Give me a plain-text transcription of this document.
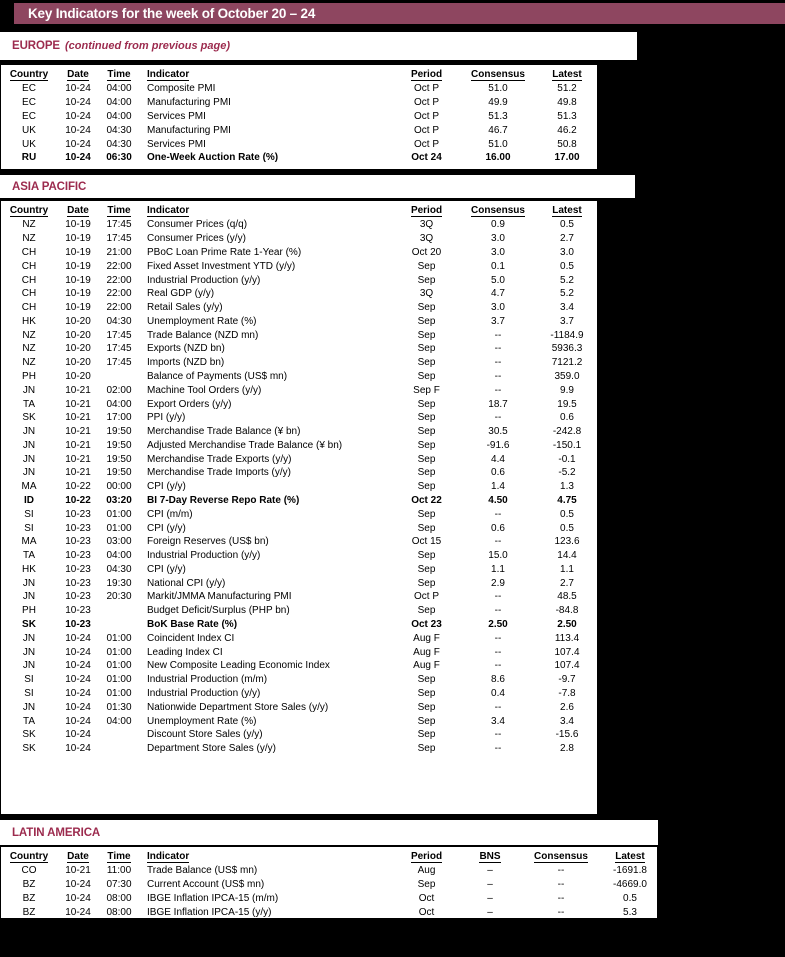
Key Indicators for the week of October 20 – 24
EUROPE (continued from previous page)
Country	Date	Time	Indicator	Period	Consensus	Latest
EC	10-24	04:00	Composite PMI	Oct P	51.0	51.2
EC	10-24	04:00	Manufacturing PMI	Oct P	49.9	49.8
EC	10-24	04:00	Services PMI	Oct P	51.3	51.3
UK	10-24	04:30	Manufacturing PMI	Oct P	46.7	46.2
UK	10-24	04:30	Services PMI	Oct P	51.0	50.8
RU	10-24	06:30	One-Week Auction Rate (%)	Oct 24	16.00	17.00
ASIA PACIFIC
Country	Date	Time	Indicator	Period	Consensus	Latest
NZ	10-19	17:45	Consumer Prices (q/q)	3Q	0.9	0.5
NZ	10-19	17:45	Consumer Prices (y/y)	3Q	3.0	2.7
CH	10-19	21:00	PBoC Loan Prime Rate 1-Year (%)	Oct 20	3.0	3.0
CH	10-19	22:00	Fixed Asset Investment YTD (y/y)	Sep	0.1	0.5
CH	10-19	22:00	Industrial Production (y/y)	Sep	5.0	5.2
CH	10-19	22:00	Real GDP (y/y)	3Q	4.7	5.2
CH	10-19	22:00	Retail Sales (y/y)	Sep	3.0	3.4
HK	10-20	04:30	Unemployment Rate (%)	Sep	3.7	3.7
NZ	10-20	17:45	Trade Balance (NZD mn)	Sep	--	-1184.9
NZ	10-20	17:45	Exports (NZD bn)	Sep	--	5936.3
NZ	10-20	17:45	Imports (NZD bn)	Sep	--	7121.2
PH	10-20		Balance of Payments (US$ mn)	Sep	--	359.0
JN	10-21	02:00	Machine Tool Orders (y/y)	Sep F	--	9.9
TA	10-21	04:00	Export Orders (y/y)	Sep	18.7	19.5
SK	10-21	17:00	PPI (y/y)	Sep	--	0.6
JN	10-21	19:50	Merchandise Trade Balance (¥ bn)	Sep	30.5	-242.8
JN	10-21	19:50	Adjusted Merchandise Trade Balance (¥ bn)	Sep	-91.6	-150.1
JN	10-21	19:50	Merchandise Trade Exports (y/y)	Sep	4.4	-0.1
JN	10-21	19:50	Merchandise Trade Imports (y/y)	Sep	0.6	-5.2
MA	10-22	00:00	CPI (y/y)	Sep	1.4	1.3
ID	10-22	03:20	BI 7-Day Reverse Repo Rate (%)	Oct 22	4.50	4.75
SI	10-23	01:00	CPI (m/m)	Sep	--	0.5
SI	10-23	01:00	CPI (y/y)	Sep	0.6	0.5
MA	10-23	03:00	Foreign Reserves (US$ bn)	Oct 15	--	123.6
TA	10-23	04:00	Industrial Production (y/y)	Sep	15.0	14.4
HK	10-23	04:30	CPI (y/y)	Sep	1.1	1.1
JN	10-23	19:30	National CPI (y/y)	Sep	2.9	2.7
JN	10-23	20:30	Markit/JMMA Manufacturing PMI	Oct P	--	48.5
PH	10-23		Budget Deficit/Surplus (PHP bn)	Sep	--	-84.8
SK	10-23		BoK Base Rate (%)	Oct 23	2.50	2.50
JN	10-24	01:00	Coincident Index CI	Aug F	--	113.4
JN	10-24	01:00	Leading Index CI	Aug F	--	107.4
JN	10-24	01:00	New Composite Leading Economic Index	Aug F	--	107.4
SI	10-24	01:00	Industrial Production (m/m)	Sep	8.6	-9.7
SI	10-24	01:00	Industrial Production (y/y)	Sep	0.4	-7.8
JN	10-24	01:30	Nationwide Department Store Sales (y/y)	Sep	--	2.6
TA	10-24	04:00	Unemployment Rate (%)	Sep	3.4	3.4
SK	10-24		Discount Store Sales (y/y)	Sep	--	-15.6
SK	10-24		Department Store Sales (y/y)	Sep	--	2.8
LATIN AMERICA
Country	Date	Time	Indicator	Period	BNS	Consensus	Latest
CO	10-21	11:00	Trade Balance (US$ mn)	Aug	–	--	-1691.8
BZ	10-24	07:30	Current Account (US$ mn)	Sep	–	--	-4669.0
BZ	10-24	08:00	IBGE Inflation IPCA-15 (m/m)	Oct	–	--	0.5
BZ	10-24	08:00	IBGE Inflation IPCA-15 (y/y)	Oct	–	--	5.3
